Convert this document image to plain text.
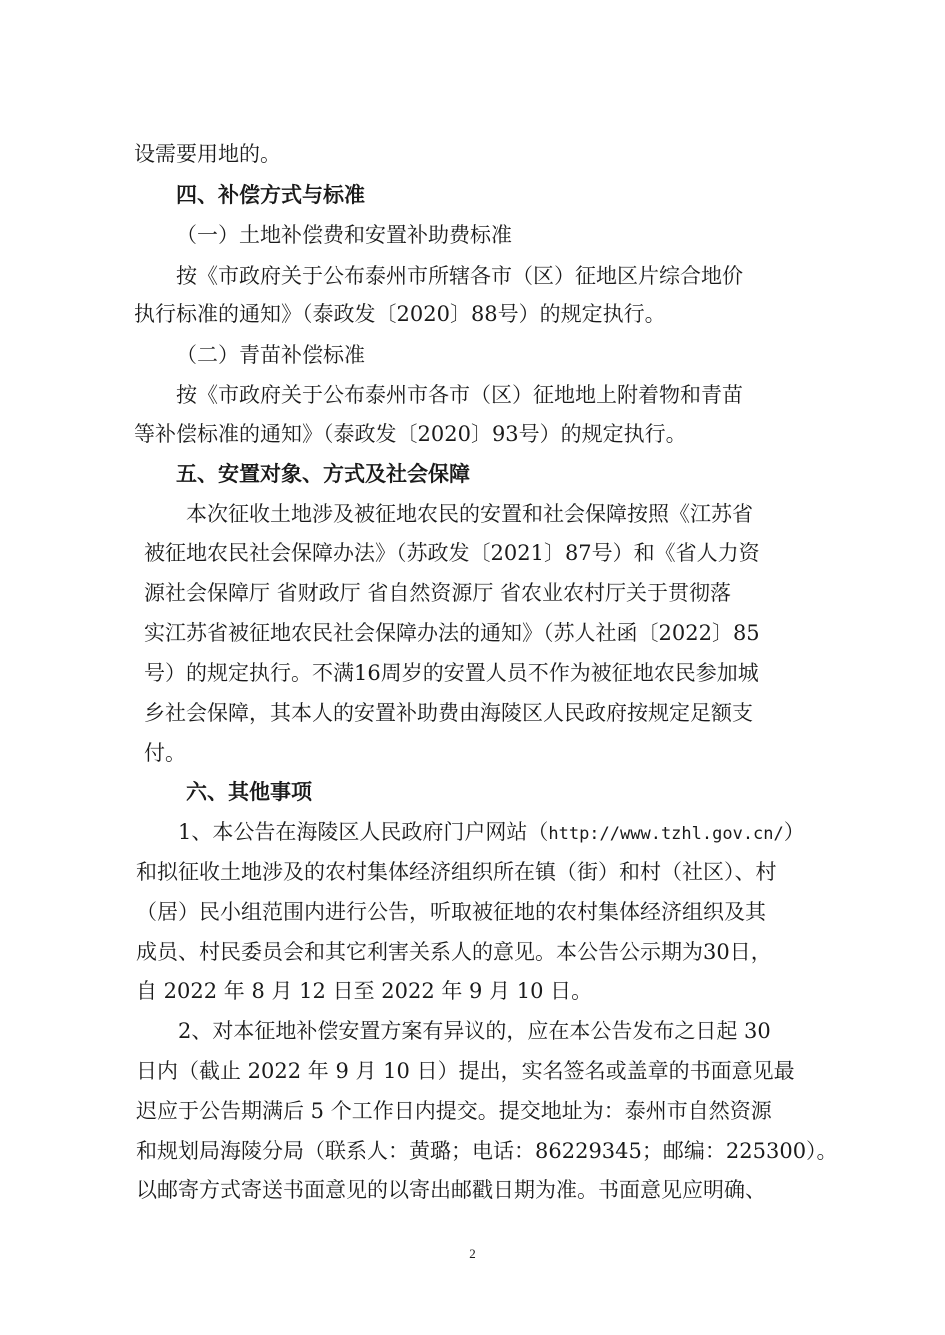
设需要用地的。
四、补偿方式与标准
（一）土地补偿费和安置补助费标准
按《市政府关于公布泰州市所辖各市（区）征地区片综合地价
执行标准的通知》（泰政发〔2020〕88号）的规定执行。
（二）青苗补偿标准
按《市政府关于公布泰州市各市（区）征地地上附着物和青苗
等补偿标准的通知》（泰政发〔2020〕93号）的规定执行。
五、安置对象、方式及社会保障
本次征收土地涉及被征地农民的安置和社会保障按照《江苏省
被征地农民社会保障办法》（苏政发〔2021〕87号）和《省人力资
源社会保障厅 省财政厅 省自然资源厅 省农业农村厅关于贯彻落
实江苏省被征地农民社会保障办法的通知》（苏人社函〔2022〕85
号）的规定执行。不满16周岁的安置人员不作为被征地农民参加城
乡社会保障，其本人的安置补助费由海陵区人民政府按规定足额支
付。
六、其他事项
1、本公告在海陵区人民政府门户网站（http://www.tzhl.gov.cn/）
和拟征收土地涉及的农村集体经济组织所在镇（街）和村（社区）、村
（居）民小组范围内进行公告，听取被征地的农村集体经济组织及其
成员、村民委员会和其它利害关系人的意见。本公告公示期为30日，
自 2022 年 8 月 12 日至 2022 年 9 月 10 日。
2、对本征地补偿安置方案有异议的，应在本公告发布之日起 30
日内（截止 2022 年 9 月 10 日）提出，实名签名或盖章的书面意见最
迟应于公告期满后 5 个工作日内提交。提交地址为：泰州市自然资源
和规划局海陵分局（联系人：黄璐；电话：86229345；邮编：225300）。
以邮寄方式寄送书面意见的以寄出邮戳日期为准。书面意见应明确、
2
